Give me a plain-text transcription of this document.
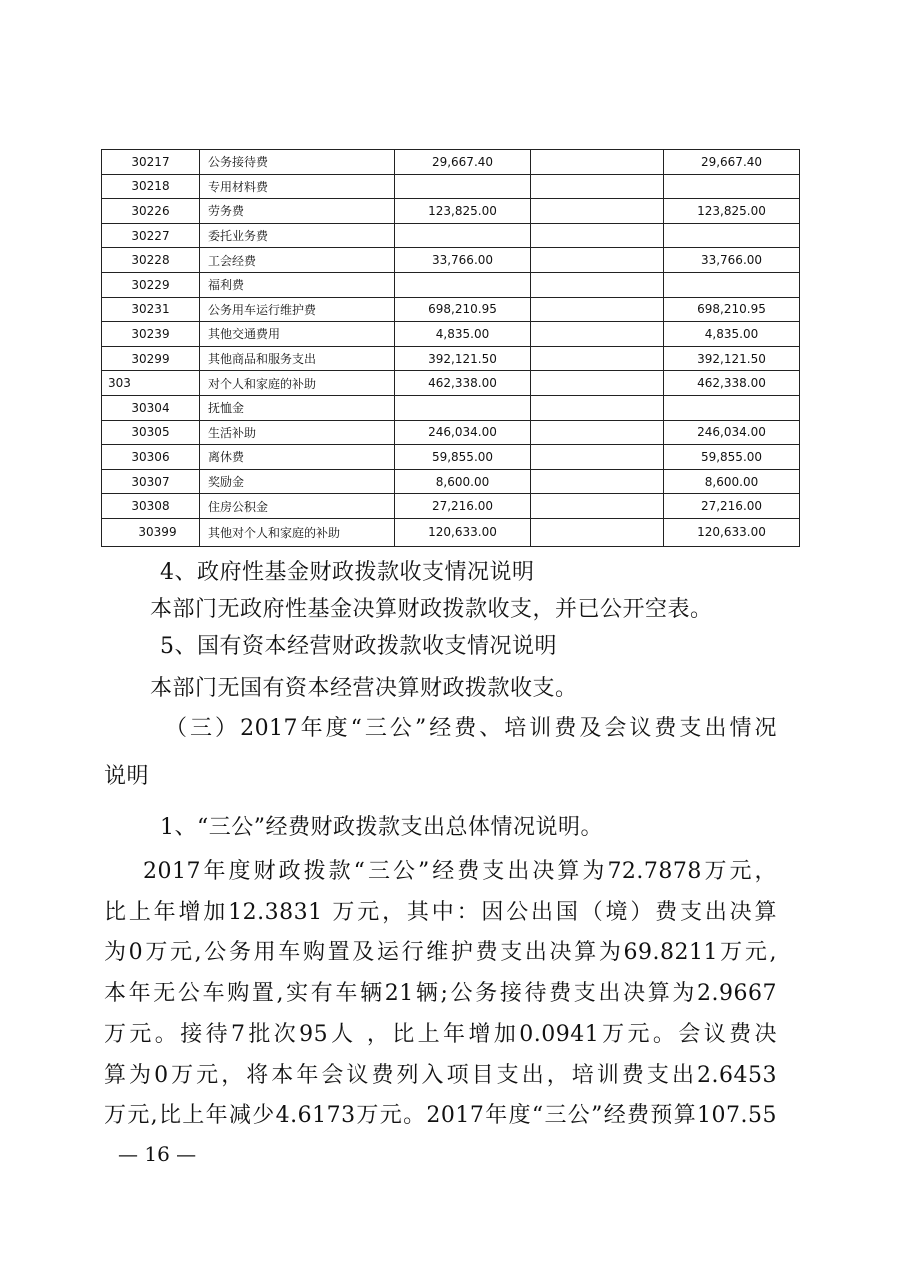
30217	公务接待费	29,667.40		29,667.40
30218	专用材料费			
30226	劳务费	123,825.00		123,825.00
30227	委托业务费			
30228	工会经费	33,766.00		33,766.00
30229	福利费			
30231	公务用车运行维护费	698,210.95		698,210.95
30239	其他交通费用	4,835.00		4,835.00
30299	其他商品和服务支出	392,121.50		392,121.50
303	对个人和家庭的补助	462,338.00		462,338.00
30304	抚恤金			
30305	生活补助	246,034.00		246,034.00
30306	离休费	59,855.00		59,855.00
30307	奖励金	8,600.00		8,600.00
30308	住房公积金	27,216.00		27,216.00
30399	其他对个人和家庭的补助	120,633.00		120,633.00
4、政府性基金财政拨款收支情况说明
本部门无政府性基金决算财政拨款收支，并已公开空表。
5、国有资本经营财政拨款收支情况说明
本部门无国有资本经营决算财政拨款收支。
（三）2017年度“三公”经费、培训费及会议费支出情况
说明
1、“三公”经费财政拨款支出总体情况说明。
2017年度财政拨款“三公”经费支出决算为72.7878万元，
比上年增加12.3831 万元，其中：因公出国（境）费支出决算
为0万元,公务用车购置及运行维护费支出决算为69.8211万元,
本年无公车购置,实有车辆21辆;公务接待费支出决算为2.9667
万元。接待7批次95人 ，比上年增加0.0941万元。会议费决
算为0万元，将本年会议费列入项目支出，培训费支出2.6453
万元,比上年减少4.6173万元。2017年度“三公”经费预算107.55
— 16 —
